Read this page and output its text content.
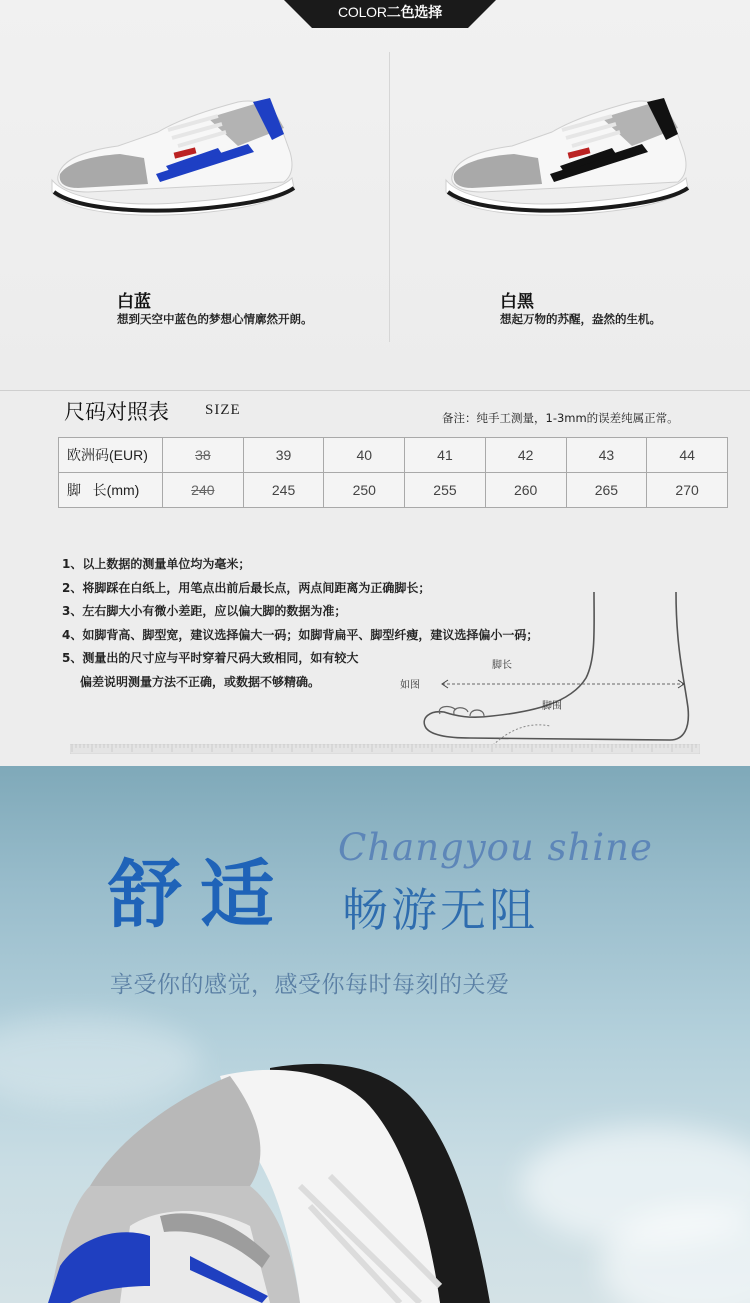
COLOR二色选择
白蓝
想到天空中蓝色的梦想心情廓然开朗。
白黑
想起万物的苏醒，盎然的生机。
尺码对照表 SIZE	备注：纯手工测量，1-3mm的误差纯属正常。
欧洲码(EUR)	38	39	40	41	42	43	44
脚   长(mm)	240	245	250	255	260	265	270
1、以上数据的测量单位均为毫米；
2、将脚踩在白纸上，用笔点出前后最长点，两点间距离为正确脚长；
3、左右脚大小有微小差距，应以偏大脚的数据为准；
4、如脚背高、脚型宽，建议选择偏大一码；如脚背扁平、脚型纤瘦，建议选择偏小一码；
5、测量出的尺寸应与平时穿着尺码大致相同，如有较大
偏差说明测量方法不正确，或数据不够精确。
脚长
脚围
如图
舒适
Changyou shine
畅游无阻
享受你的感觉，感受你每时每刻的关爱
